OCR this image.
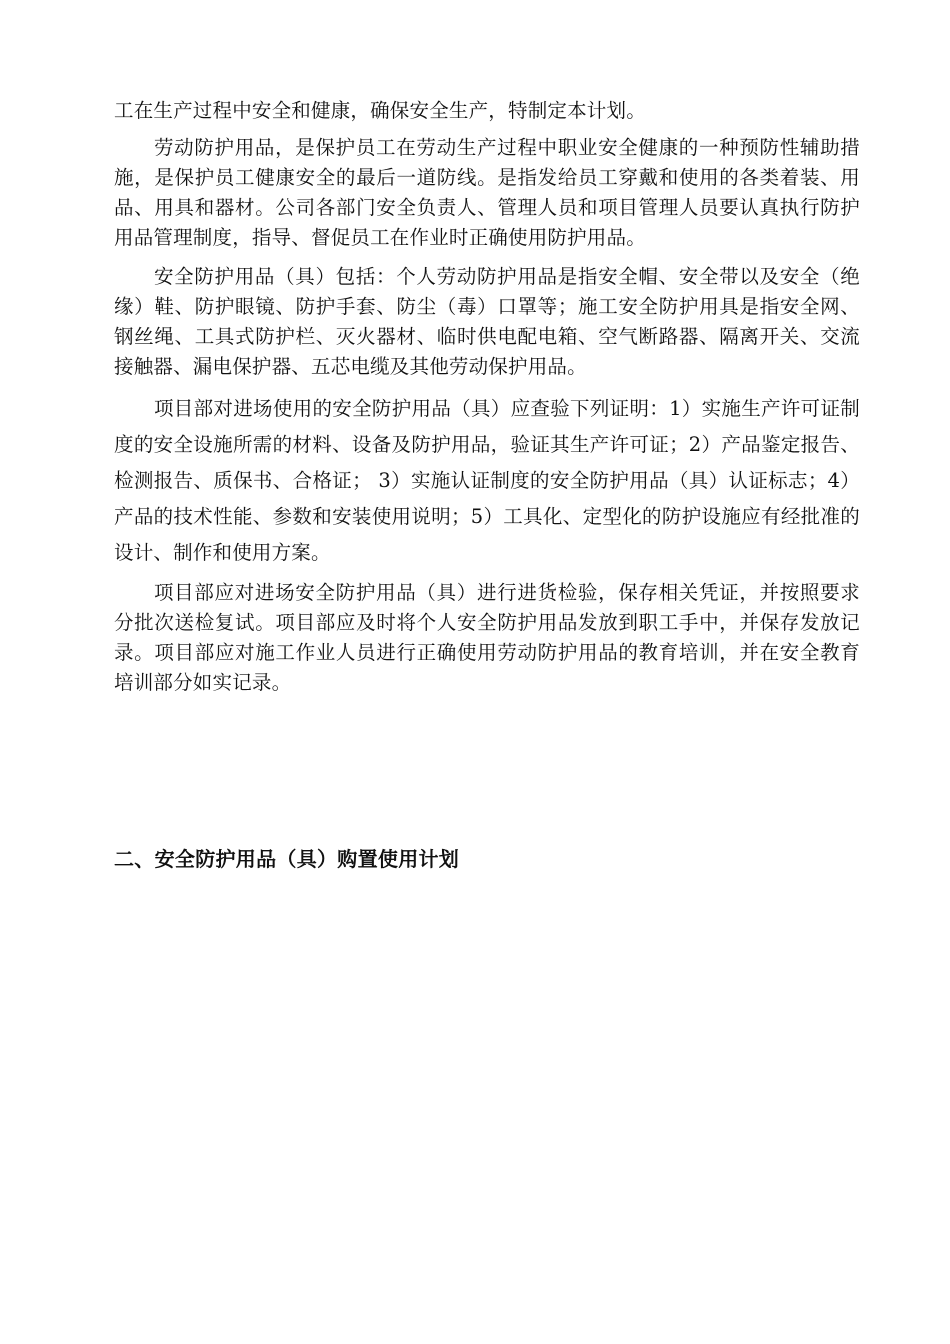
工在生产过程中安全和健康，确保安全生产，特制定本计划。

劳动防护用品，是保护员工在劳动生产过程中职业安全健康的一种预防性辅助措施，是保护员工健康安全的最后一道防线。是指发给员工穿戴和使用的各类着装、用品、用具和器材。公司各部门安全负责人、管理人员和项目管理人员要认真执行防护用品管理制度，指导、督促员工在作业时正确使用防护用品。

安全防护用品（具）包括：个人劳动防护用品是指安全帽、安全带以及安全（绝缘）鞋、防护眼镜、防护手套、防尘（毒）口罩等；施工安全防护用具是指安全网、钢丝绳、工具式防护栏、灭火器材、临时供电配电箱、空气断路器、隔离开关、交流接触器、漏电保护器、五芯电缆及其他劳动保护用品。

项目部对进场使用的安全防护用品（具）应查验下列证明：1）实施生产许可证制度的安全设施所需的材料、设备及防护用品，验证其生产许可证；2）产品鉴定报告、检测报告、质保书、合格证； 3）实施认证制度的安全防护用品（具）认证标志；4）产品的技术性能、参数和安装使用说明；5）工具化、定型化的防护设施应有经批准的设计、制作和使用方案。

项目部应对进场安全防护用品（具）进行进货检验，保存相关凭证，并按照要求分批次送检复试。项目部应及时将个人安全防护用品发放到职工手中，并保存发放记录。项目部应对施工作业人员进行正确使用劳动防护用品的教育培训，并在安全教育培训部分如实记录。

二、安全防护用品（具）购置使用计划
